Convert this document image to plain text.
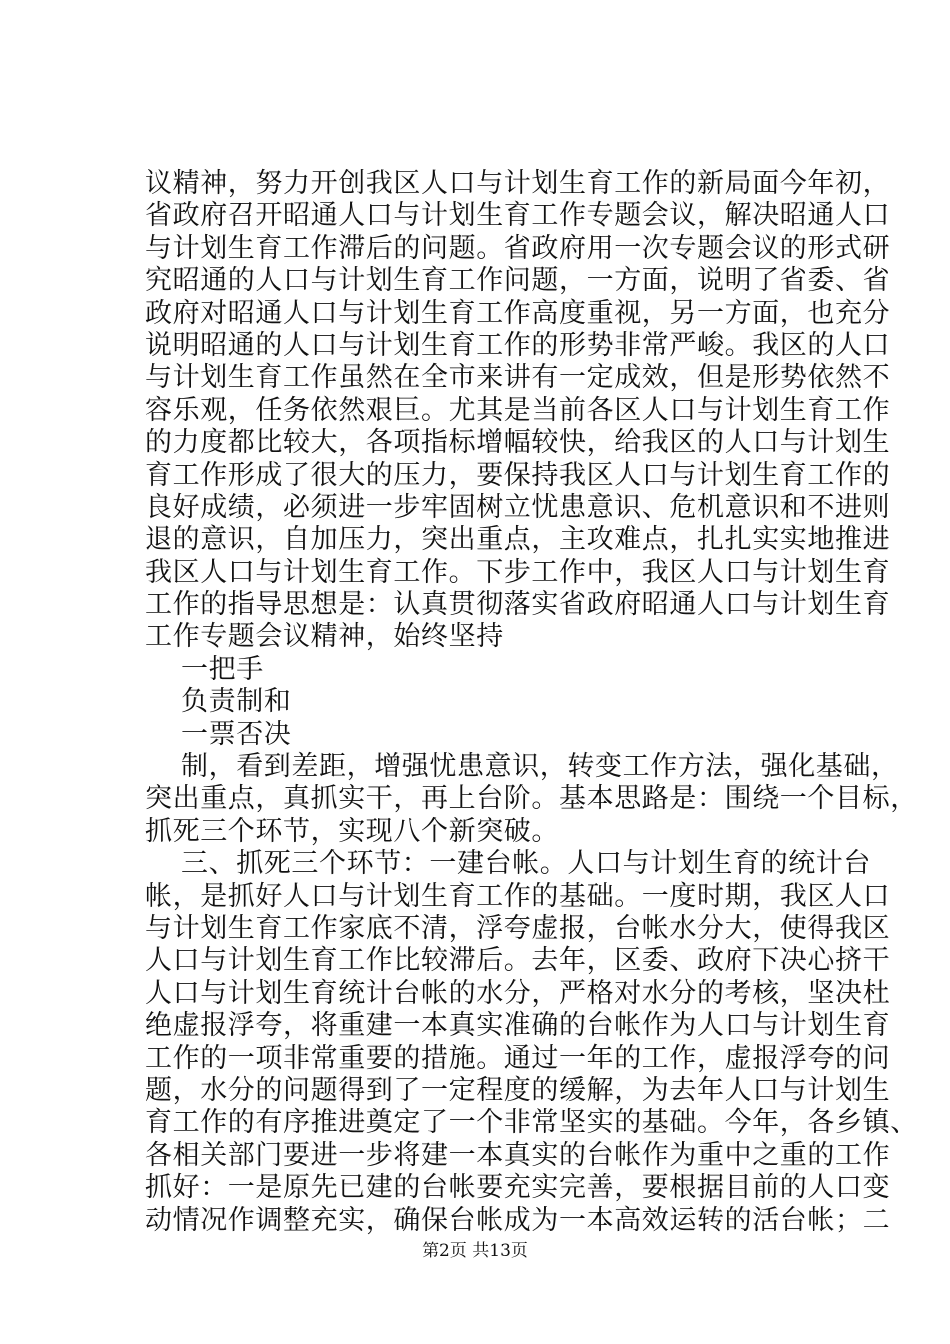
议精神，努力开创我区人口与计划生育工作的新局面今年初，
省政府召开昭通人口与计划生育工作专题会议，解决昭通人口
与计划生育工作滞后的问题。省政府用一次专题会议的形式研
究昭通的人口与计划生育工作问题，一方面，说明了省委、省
政府对昭通人口与计划生育工作高度重视，另一方面，也充分
说明昭通的人口与计划生育工作的形势非常严峻。我区的人口
与计划生育工作虽然在全市来讲有一定成效，但是形势依然不
容乐观，任务依然艰巨。尤其是当前各区人口与计划生育工作
的力度都比较大，各项指标增幅较快，给我区的人口与计划生
育工作形成了很大的压力，要保持我区人口与计划生育工作的
良好成绩，必须进一步牢固树立忧患意识、危机意识和不进则
退的意识，自加压力，突出重点，主攻难点，扎扎实实地推进
我区人口与计划生育工作。下步工作中，我区人口与计划生育
工作的指导思想是：认真贯彻落实省政府昭通人口与计划生育
工作专题会议精神，始终坚持
一把手
负责制和
一票否决
制，看到差距，增强忧患意识，转变工作方法，强化基础，
突出重点，真抓实干，再上台阶。基本思路是：围绕一个目标，
抓死三个环节，实现八个新突破。
三、抓死三个环节：一建台帐。人口与计划生育的统计台
帐，是抓好人口与计划生育工作的基础。一度时期，我区人口
与计划生育工作家底不清，浮夸虚报，台帐水分大，使得我区
人口与计划生育工作比较滞后。去年，区委、政府下决心挤干
人口与计划生育统计台帐的水分，严格对水分的考核，坚决杜
绝虚报浮夸，将重建一本真实准确的台帐作为人口与计划生育
工作的一项非常重要的措施。通过一年的工作，虚报浮夸的问
题，水分的问题得到了一定程度的缓解，为去年人口与计划生
育工作的有序推进奠定了一个非常坚实的基础。今年，各乡镇、
各相关部门要进一步将建一本真实的台帐作为重中之重的工作
抓好：一是原先已建的台帐要充实完善，要根据目前的人口变
动情况作调整充实，确保台帐成为一本高效运转的活台帐；二
第2页 共13页
